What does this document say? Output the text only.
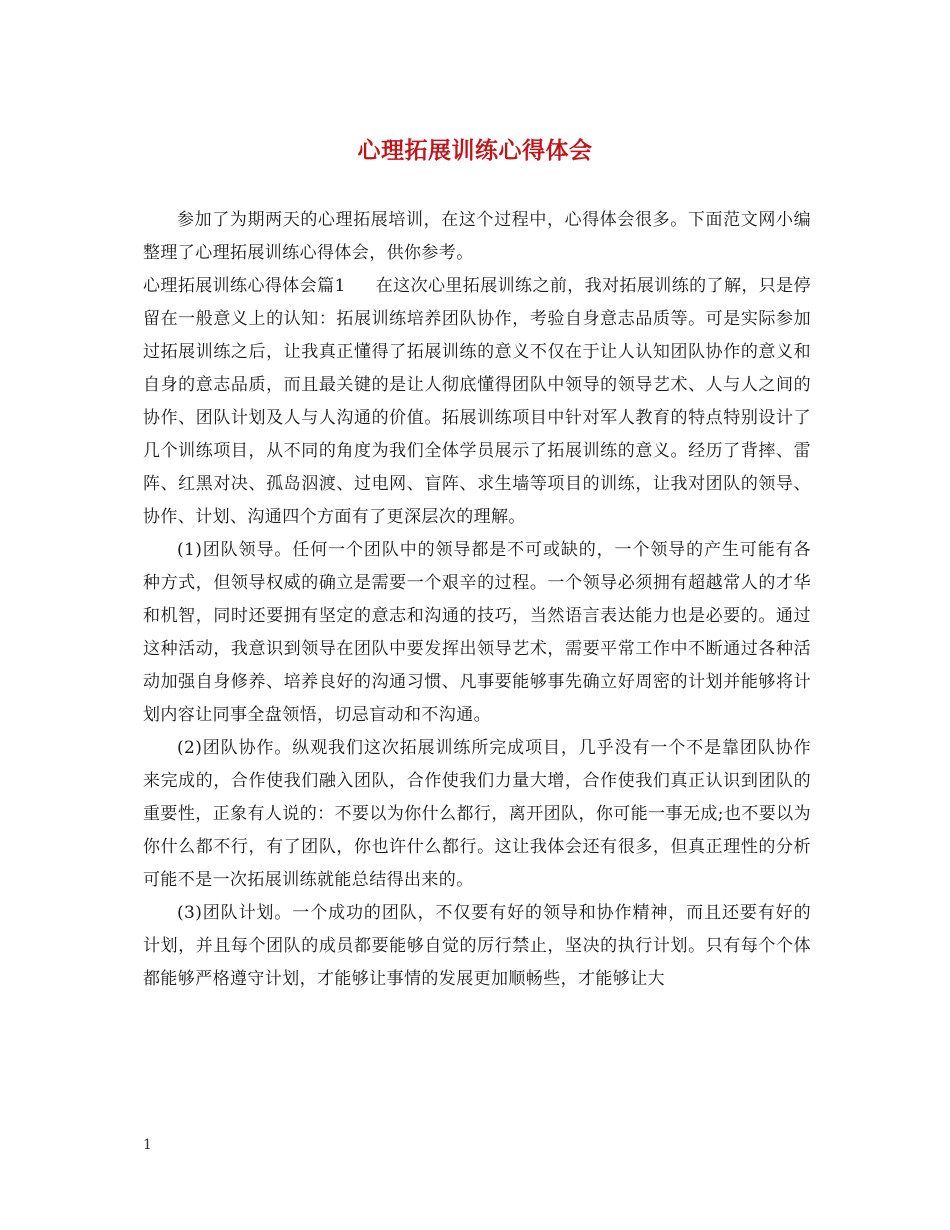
心理拓展训练心得体会

参加了为期两天的心理拓展培训，在这个过程中，心得体会很多。下面范文网小编整理了心理拓展训练心得体会，供你参考。

心理拓展训练心得体会篇1 在这次心里拓展训练之前，我对拓展训练的了解，只是停留在一般意义上的认知：拓展训练培养团队协作，考验自身意志品质等。可是实际参加过拓展训练之后，让我真正懂得了拓展训练的意义不仅在于让人认知团队协作的意义和自身的意志品质，而且最关键的是让人彻底懂得团队中领导的领导艺术、人与人之间的协作、团队计划及人与人沟通的价值。拓展训练项目中针对军人教育的特点特别设计了几个训练项目，从不同的角度为我们全体学员展示了拓展训练的意义。经历了背摔、雷阵、红黑对决、孤岛泅渡、过电网、盲阵、求生墙等项目的训练，让我对团队的领导、协作、计划、沟通四个方面有了更深层次的理解。

(1)团队领导。任何一个团队中的领导都是不可或缺的，一个领导的产生可能有各种方式，但领导权威的确立是需要一个艰辛的过程。一个领导必须拥有超越常人的才华和机智，同时还要拥有坚定的意志和沟通的技巧，当然语言表达能力也是必要的。通过这种活动，我意识到领导在团队中要发挥出领导艺术，需要平常工作中不断通过各种活动加强自身修养、培养良好的沟通习惯、凡事要能够事先确立好周密的计划并能够将计划内容让同事全盘领悟，切忌盲动和不沟通。

(2)团队协作。纵观我们这次拓展训练所完成项目，几乎没有一个不是靠团队协作来完成的，合作使我们融入团队，合作使我们力量大增，合作使我们真正认识到团队的重要性，正象有人说的：不要以为你什么都行，离开团队，你可能一事无成;也不要以为你什么都不行，有了团队，你也许什么都行。这让我体会还有很多，但真正理性的分析可能不是一次拓展训练就能总结得出来的。

(3)团队计划。一个成功的团队，不仅要有好的领导和协作精神，而且还要有好的计划，并且每个团队的成员都要能够自觉的厉行禁止，坚决的执行计划。只有每个个体都能够严格遵守计划，才能够让事情的发展更加顺畅些，才能够让大

1
